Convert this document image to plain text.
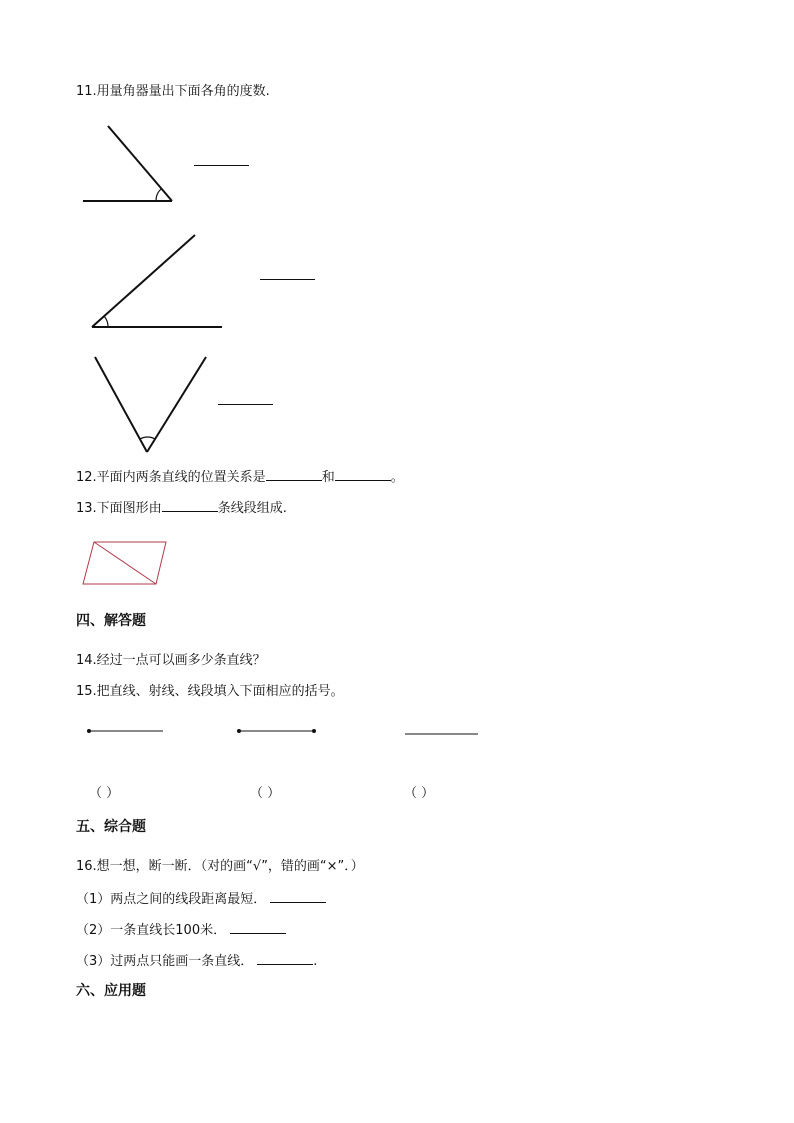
11.用量角器量出下面各角的度数.
12.平面内两条直线的位置关系是	和	。
13.下面图形由	条线段组成.
四、解答题
14.经过一点可以画多少条直线？
15.把直线、射线、线段填入下面相应的括号。
（ ）	（ ）	（ ）
五、综合题
16.想一想，断一断．（对的画“√”，错的画“×”．）
（1）两点之间的线段距离最短．
（2）一条直线长100米．
（3）过两点只能画一条直线．	.
六、应用题
